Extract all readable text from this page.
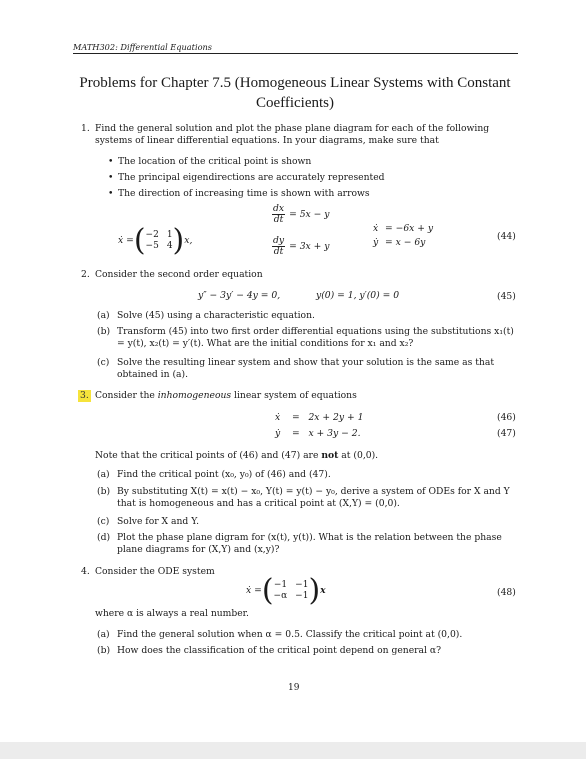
MATH302: Differential Equations
Problems for Chapter 7.5 (Homogeneous Linear Systems with Constant Coefficients)
1. Find the general solution and plot the phase plane diagram for each of the following systems of linear differential equations. In your diagrams, make sure that
• The location of the critical point is shown
• The principal eigendirections are accurately represented
• The direction of increasing time is shown with arrows
ẋ = ( −2 1
−5 4 ) x,
$\frac{dx}{dt} = 5x - y$
$\frac{dy}{dt} = 3x + y$
ẋ = −6x + y
ẏ = x − 6y
(44)
2. Consider the second order equation
y″ − 3y′ − 4y = 0,	y(0) = 1, y′(0) = 0	(45)
(a) Solve (45) using a characteristic equation.
(b) Transform (45) into two first order differential equations using the substitutions x₁(t) = y(t), x₂(t) = y′(t). What are the initial conditions for x₁ and x₂?
(c) Solve the resulting linear system and show that your solution is the same as that obtained in (a).
3. Consider the inhomogeneous linear system of equations
ẋ =   2x + 2y + 1	(46)
ẏ =   x + 3y − 2.	(47)
Note that the critical points of (46) and (47) are not at (0,0).
(a) Find the critical point (x₀, y₀) of (46) and (47).
(b) By substituting X(t) = x(t) − x₀, Y(t) = y(t) − y₀, derive a system of ODEs for X and Y that is homogeneous and has a critical point at (X,Y) = (0,0).
(c) Solve for X and Y.
(d) Plot the phase plane digram for (x(t), y(t)). What is the relation between the phase plane diagrams for (X,Y) and (x,y)?
4. Consider the ODE system
ẋ = ( −1 −1
−α −1 ) x	(48)
where α is always a real number.
(a) Find the general solution when α = 0.5. Classify the critical point at (0,0).
(b) How does the classification of the critical point depend on general α?
19
